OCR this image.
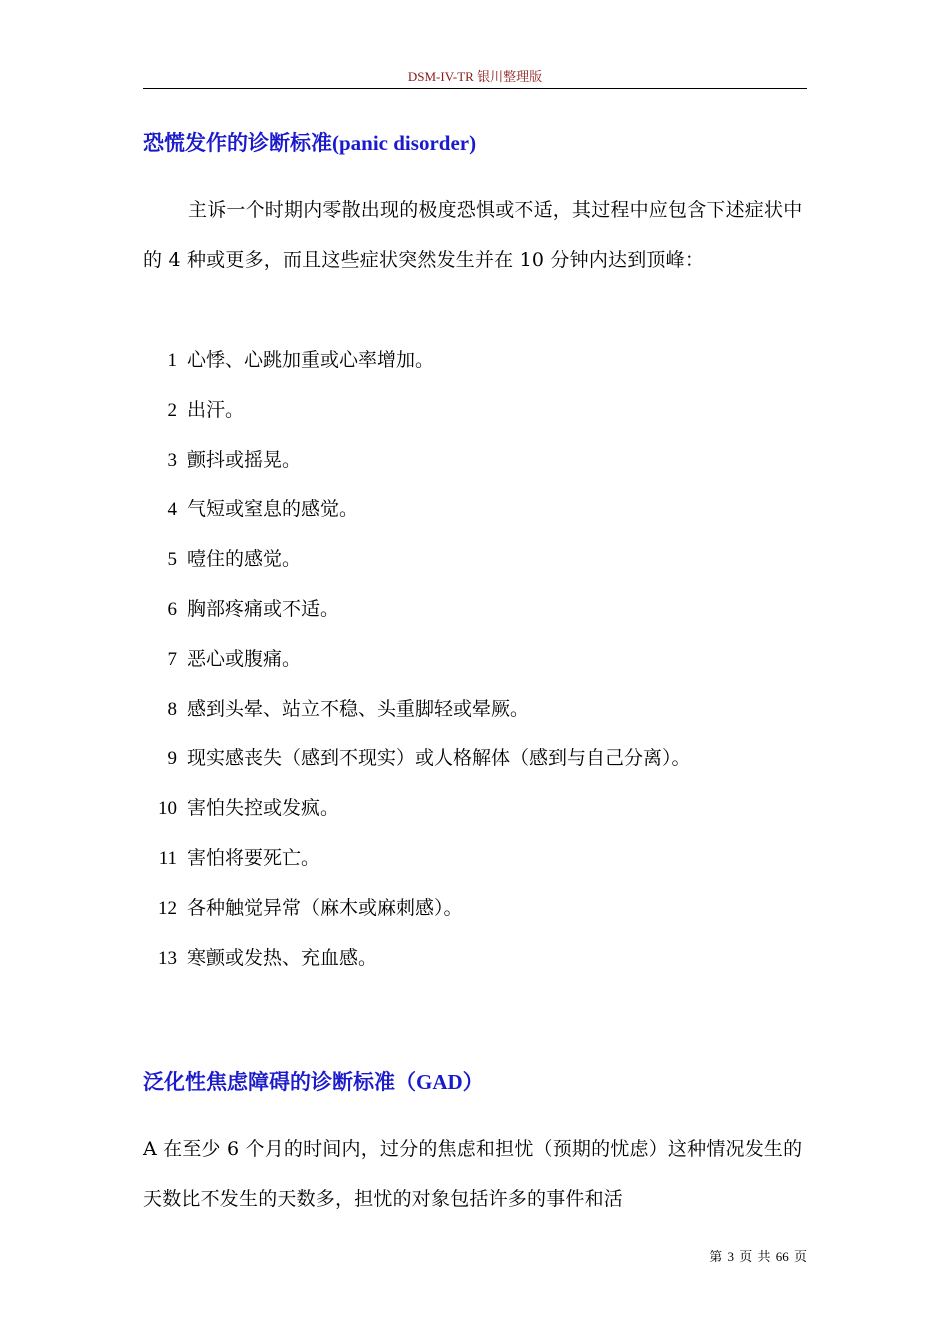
DSM-IV-TR 银川整理版
恐慌发作的诊断标准(panic disorder)
主诉一个时期内零散出现的极度恐惧或不适，其过程中应包含下述症状中的 4 种或更多，而且这些症状突然发生并在 10 分钟内达到顶峰：
1 心悸、心跳加重或心率增加。
2 出汗。
3 颤抖或摇晃。
4 气短或窒息的感觉。
5 噎住的感觉。
6 胸部疼痛或不适。
7 恶心或腹痛。
8 感到头晕、站立不稳、头重脚轻或晕厥。
9 现实感丧失（感到不现实）或人格解体（感到与自己分离）。
10 害怕失控或发疯。
11 害怕将要死亡。
12 各种触觉异常（麻木或麻刺感）。
13 寒颤或发热、充血感。
泛化性焦虑障碍的诊断标准（GAD）
A 在至少 6 个月的时间内，过分的焦虑和担忧（预期的忧虑）这种情况发生的天数比不发生的天数多，担忧的对象包括许多的事件和活
第 3 页 共 66 页
